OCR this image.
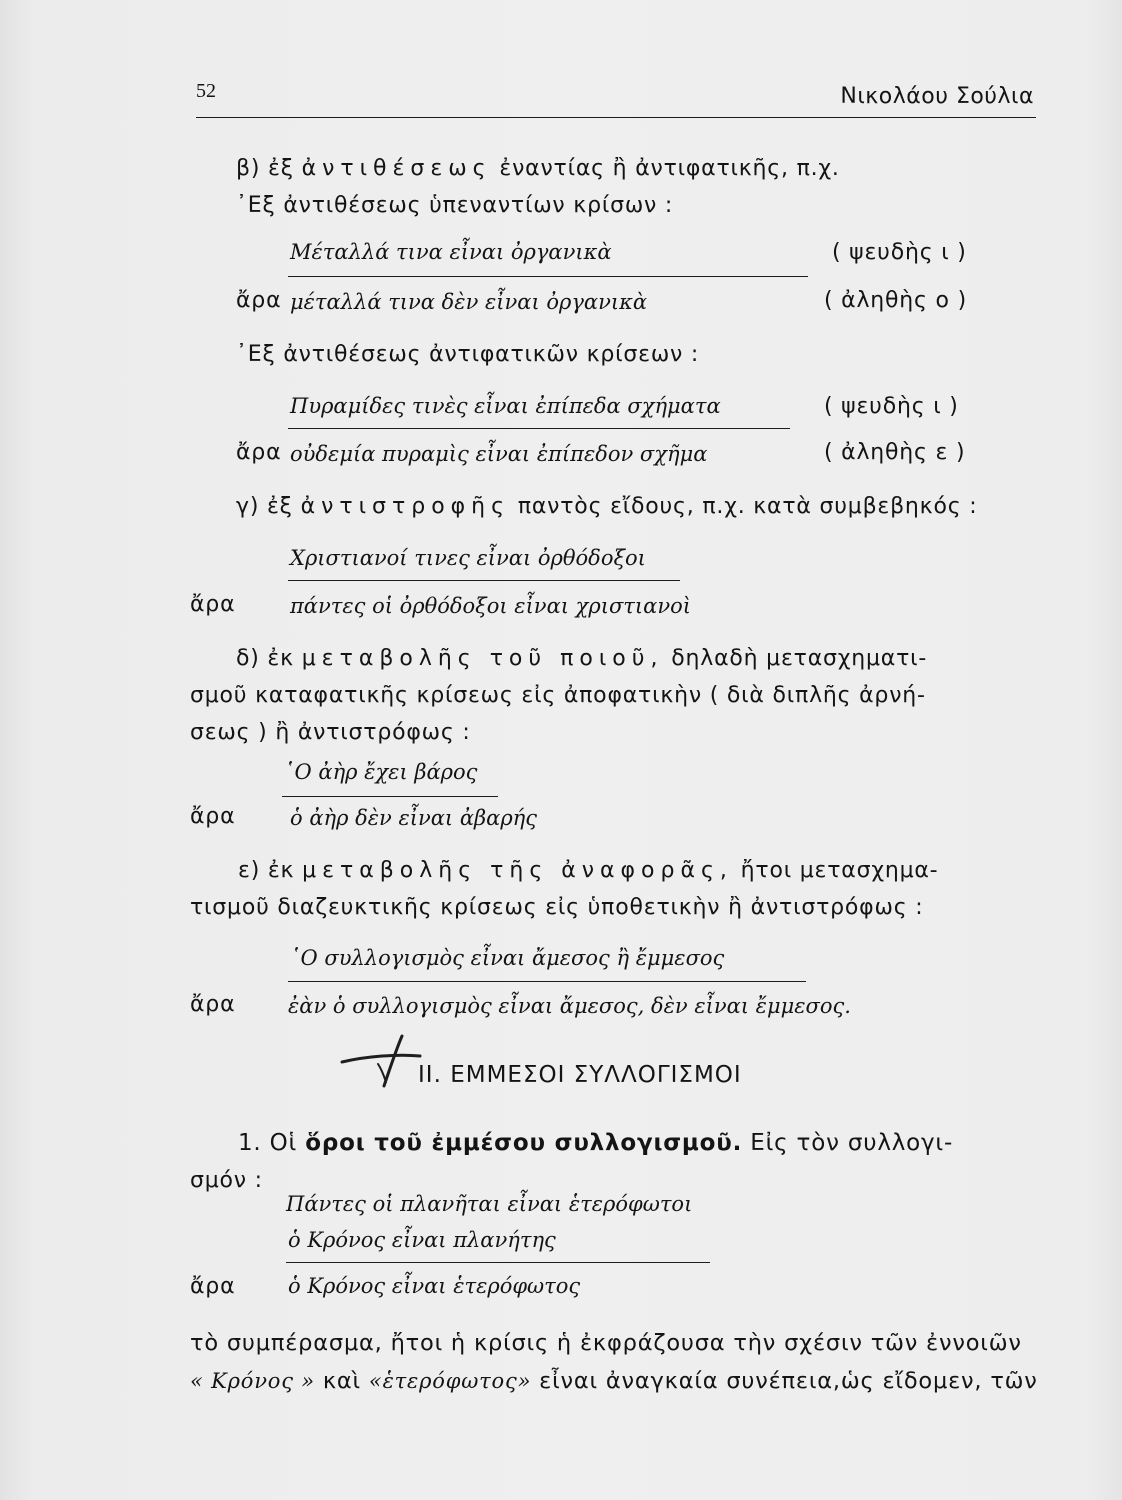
52	Νικολάου Σούλια
β) ἐξ ἀντιθέσεως ἐναντίας ἢ ἀντιφατικῆς, π.χ.
᾿Εξ ἀντιθέσεως ὑπεναντίων κρίσων :
Μέταλλά τινα εἶναι ὀργανικὰ	( ψευδὴς ι )
ἄρα μέταλλά τινα δὲν εἶναι ὀργανικὰ	( ἀληθὴς ο )
᾿Εξ ἀντιθέσεως ἀντιφατικῶν κρίσεων :
Πυραμίδες τινὲς εἶναι ἐπίπεδα σχήματα	( ψευδὴς ι )
ἄρα οὐδεμία πυραμὶς εἶναι ἐπίπεδον σχῆμα	( ἀληθὴς ε )
γ) ἐξ ἀντιστροφῆς παντὸς εἴδους, π.χ. κατὰ συμβεβηκός :
Χριστιανοί τινες εἶναι ὀρθόδοξοι
ἄρα	πάντες οἱ ὀρθόδοξοι εἶναι χριστιανοὶ
δ) ἐκ μεταβολῆς τοῦ ποιοῦ, δηλαδὴ μετασχηματι-
σμοῦ καταφατικῆς κρίσεως εἰς ἀποφατικὴν ( διὰ διπλῆς ἀρνή-
σεως ) ἢ ἀντιστρόφως :
῾Ο ἀὴρ ἔχει βάρος
ἄρα	ὁ ἀὴρ δὲν εἶναι ἀβαρής
ε) ἐκ μεταβολῆς τῆς ἀναφορᾶς, ἤτοι μετασχημα-
τισμοῦ διαζευκτικῆς κρίσεως εἰς ὑποθετικὴν ἢ ἀντιστρόφως :
῾Ο συλλογισμὸς εἶναι ἄμεσος ἢ ἔμμεσος
ἄρα	ἐὰν ὁ συλλογισμὸς εἶναι ἄμεσος, δὲν εἶναι ἔμμεσος.
ΙΙ. ΕΜΜΕΣΟΙ ΣΥΛΛΟΓΙΣΜΟΙ
1. Οἱ ὅροι τοῦ ἐμμέσου συλλογισμοῦ. Εἰς τὸν συλλογι-
σμόν :
Πάντες οἱ πλανῆται εἶναι ἑτερόφωτοι
ὁ Κρόνος εἶναι πλανήτης
ἄρα	ὁ Κρόνος εἶναι ἑτερόφωτος
τὸ συμπέρασμα, ἤτοι ἡ κρίσις ἡ ἐκφράζουσα τὴν σχέσιν τῶν ἐννοιῶν
« Κρόνος » καὶ «ἑτερόφωτος» εἶναι ἀναγκαία συνέπεια,ὡς εἴδομεν, τῶν
